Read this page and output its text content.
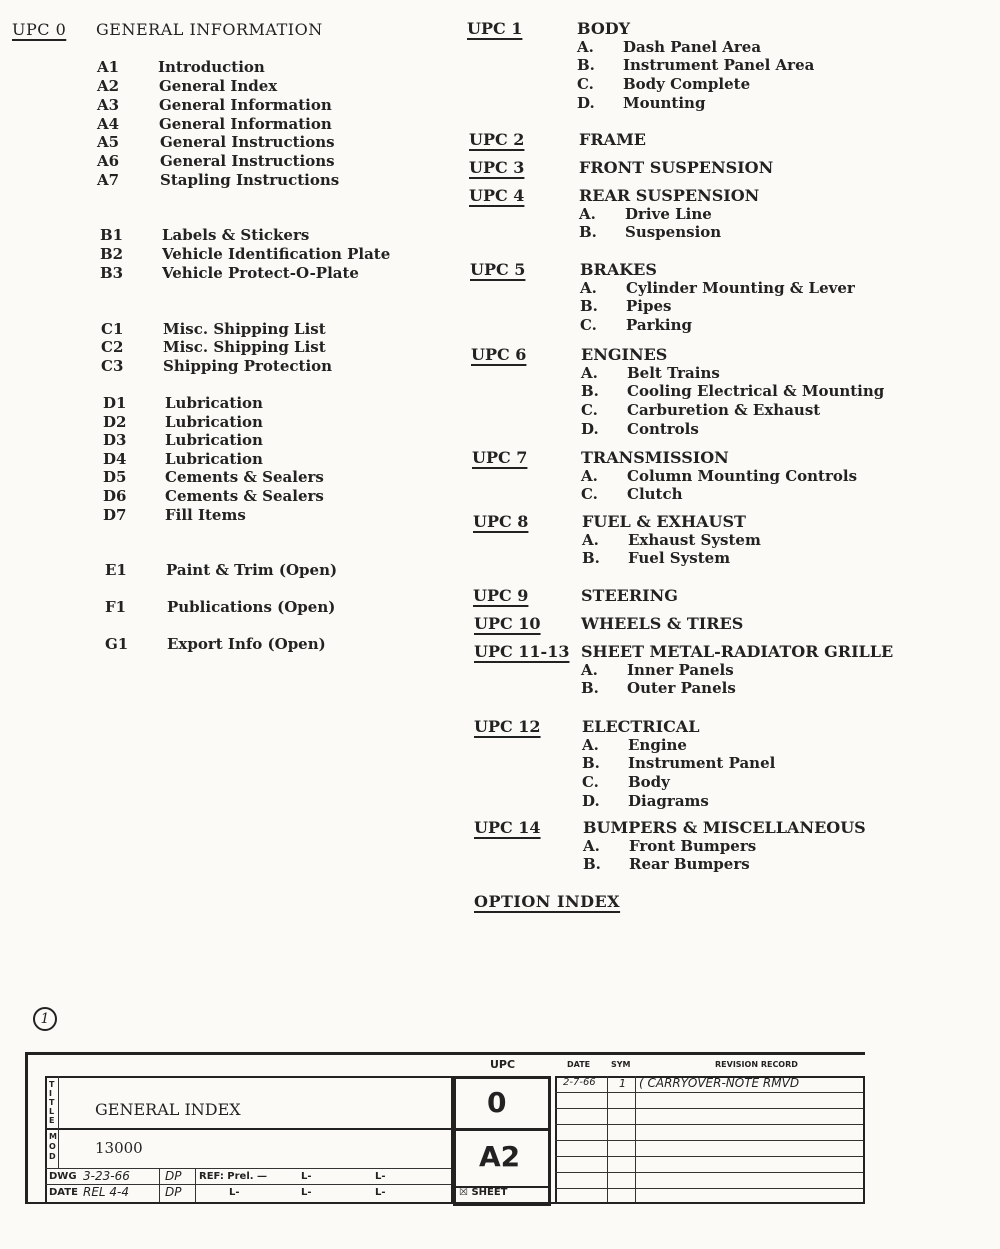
UPC 0 GENERAL INFORMATION
A1	Introduction
A2	General Index
A3	General Information
A4	General Information
A5	General Instructions
A6	General Instructions
A7	Stapling Instructions
B1	Labels & Stickers
B2	Vehicle Identification Plate
B3	Vehicle Protect-O-Plate
C1	Misc. Shipping List
C2	Misc. Shipping List
C3	Shipping Protection
D1	Lubrication
D2	Lubrication
D3	Lubrication
D4	Lubrication
D5	Cements & Sealers
D6	Cements & Sealers
D7	Fill Items
E1	Paint & Trim (Open)
F1	Publications (Open)
G1	Export Info (Open)
UPC 1	BODY
A. Dash Panel Area
B. Instrument Panel Area
C. Body Complete
D. Mounting
UPC 2	FRAME
UPC 3	FRONT SUSPENSION
UPC 4	REAR SUSPENSION
A. Drive Line
B. Suspension
UPC 5	BRAKES
A. Cylinder Mounting & Lever
B. Pipes
C. Parking
UPC 6	ENGINES
A. Belt Trains
B. Cooling Electrical & Mounting
C. Carburetion & Exhaust
D. Controls
UPC 7	TRANSMISSION
A. Column Mounting Controls
C. Clutch
UPC 8	FUEL & EXHAUST
A. Exhaust System
B. Fuel System
UPC 9	STEERING
UPC 10	WHEELS & TIRES
UPC 11-13 SHEET METAL-RADIATOR GRILLE
A. Inner Panels
B. Outer Panels
UPC 12	ELECTRICAL
A. Engine
B. Instrument Panel
C. Body
D. Diagrams
UPC 14	BUMPERS & MISCELLANEOUS
A. Front Bumpers
B. Rear Bumpers
OPTION INDEX
1
TITLE
GENERAL INDEX
MOD	13000
DWG 3-23-66	DP
DATE REL 4-4	DP
REF: Prel. —	L-	L-
L-	L-	L-
UPC
0
A2
☒ SHEET
DATE	SYM	REVISION RECORD
2-7-66 1 ( CARRYOVER-NOTE RMVD
